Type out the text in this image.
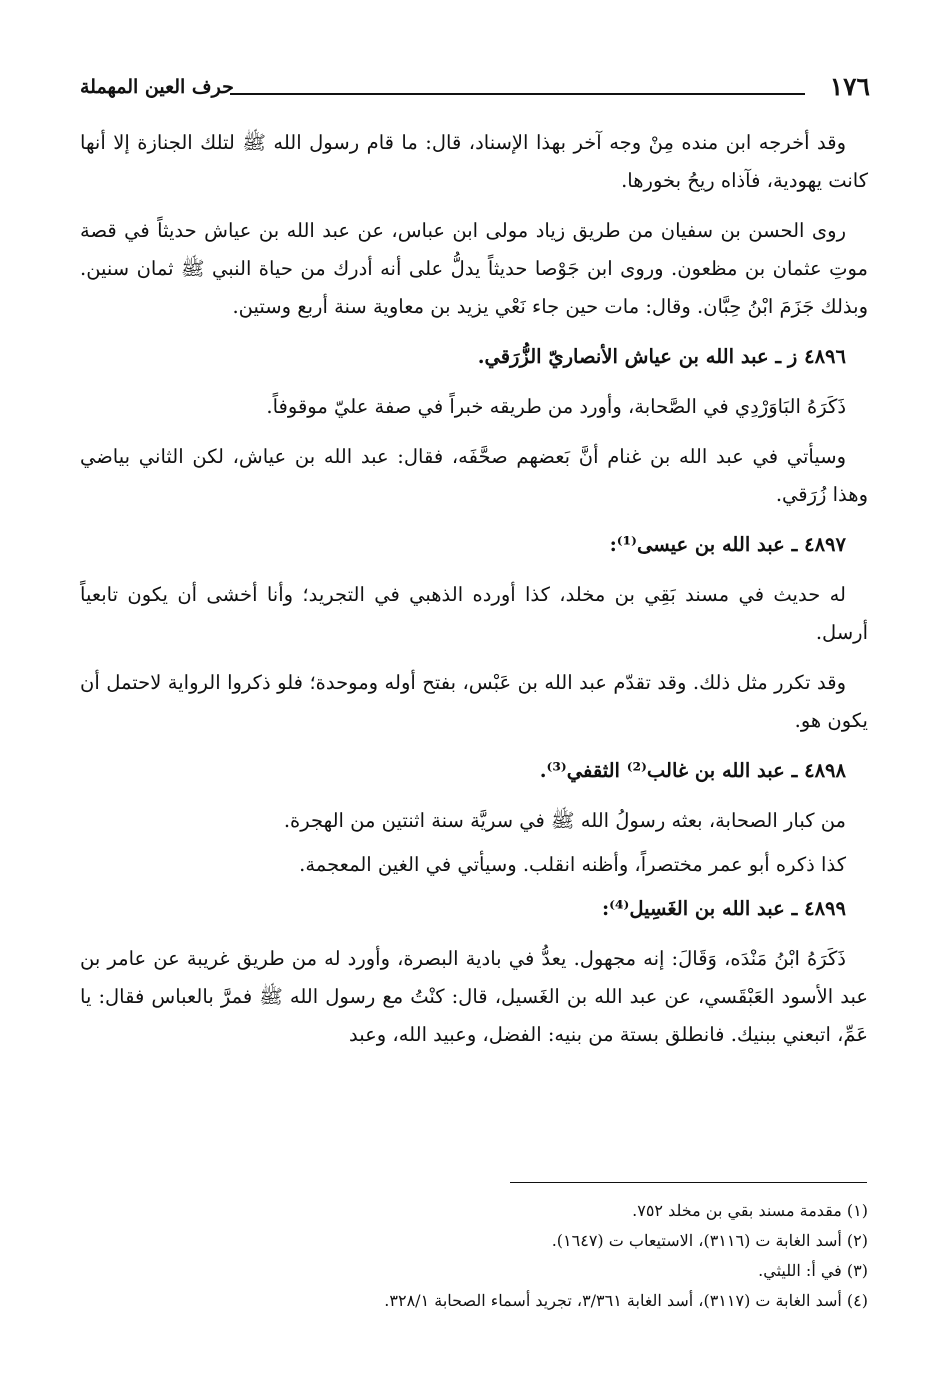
١٧٦
حرف العين المهملة

وقد أخرجه ابن منده مِنْ وجه آخر بهذا الإسناد، قال: ما قام رسول الله ﷺ لتلك الجنازة إلا أنها كانت يهودية، فآذاه ريحُ بخورها.

روى الحسن بن سفيان من طريق زياد مولى ابن عباس، عن عبد الله بن عياش حديثاً في قصة موتِ عثمان بن مظعون. وروى ابن جَوْصا حديثاً يدلُّ على أنه أدرك من حياة النبي ﷺ ثمان سنين. وبذلك جَزَمَ ابْنُ حِبَّان. وقال: مات حين جاء نَعْي يزيد بن معاوية سنة أربع وستين.

٤٨٩٦ ز ـ عبد الله بن عياش الأنصاريّ الزُّرَقي.

ذَكَرَهُ البَاوَرْدِي في الصَّحابة، وأورد من طريقه خبراً في صفة عليّ موقوفاً.

وسيأتي في عبد الله بن غنام أنَّ بَعضهم صحَّفَه، فقال: عبد الله بن عياش، لكن الثاني بياضي وهذا زُرَقي.

٤٨٩٧ ـ عبد الله بن عيسى⁽¹⁾:

له حديث في مسند بَقِي بن مخلد، كذا أورده الذهبي في التجريد؛ وأنا أخشى أن يكون تابعياً أرسل.

وقد تكرر مثل ذلك. وقد تقدّم عبد الله بن عَبْس، بفتح أوله وموحدة؛ فلو ذكروا الرواية لاحتمل أن يكون هو.

٤٨٩٨ ـ عبد الله بن غالب⁽²⁾ الثقفي⁽³⁾.

من كبار الصحابة، بعثه رسولُ الله ﷺ في سريَّة سنة اثنتين من الهجرة.

كذا ذكره أبو عمر مختصراً، وأظنه انقلب. وسيأتي في الغين المعجمة.

٤٨٩٩ ـ عبد الله بن الغَسِيل⁽⁴⁾:

ذَكَرَهُ ابْنُ مَنْدَه، وَقَالَ: إنه مجهول. يعدُّ في بادية البصرة، وأورد له من طريق غريبة عن عامر بن عبد الأسود العَبْقَسي، عن عبد الله بن الغَسيل، قال: كنْتُ مع رسول الله ﷺ فمرَّ بالعباس فقال: يا عَمِّ، اتبعني ببنيك. فانطلق بستة من بنيه: الفضل، وعبيد الله، وعبد

(١) مقدمة مسند بقي بن مخلد ٧٥٢.
(٢) أسد الغابة ت (٣١١٦)، الاستيعاب ت (١٦٤٧).
(٣) في أ: الليثي.
(٤) أسد الغابة ت (٣١١٧)، أسد الغابة ٣/٣٦١، تجريد أسماء الصحابة ٣٢٨/١.
